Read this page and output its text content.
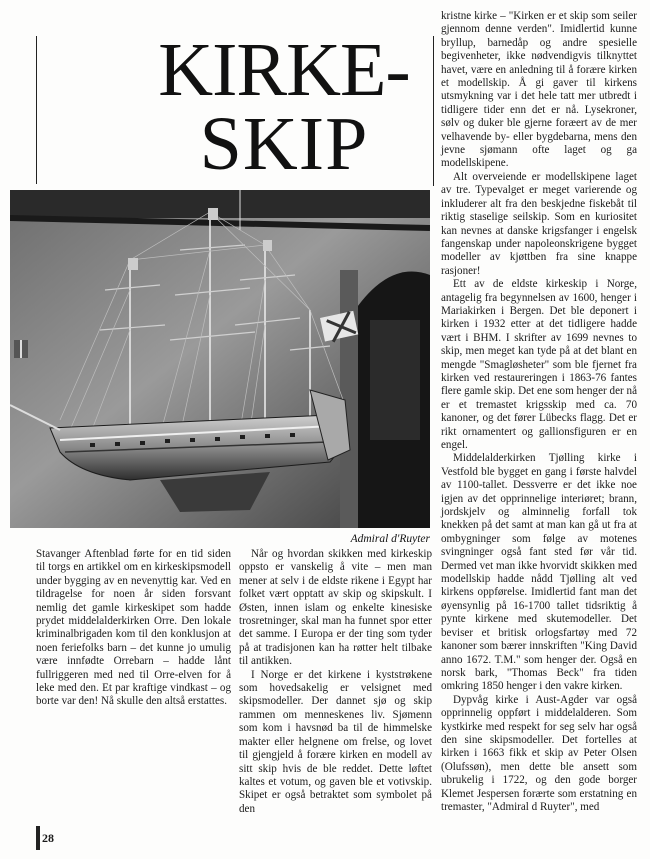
KIRKE-
SKIP
Admiral d'Ruyter

kristne kirke – "Kirken er et skip som seiler gjennom denne verden". Imidlertid kunne bryllup, barnedåp og andre spesielle begivenheter, ikke nødvendigvis tilknyttet havet, være en anledning til å forære kirken et modellskip. Å gi gaver til kirkens utsmykning var i det hele tatt mer utbredt i tidligere tider enn det er nå. Lysekroner, sølv og duker ble gjerne foræert av de mer velhavende by- eller bygdebarna, mens den jevne sjømann ofte laget og ga modellskipene.

Alt overveiende er modellskipene laget av tre. Typevalget er meget varierende og inkluderer alt fra den beskjedne fiskebåt til riktig staselige seilskip. Som en kuriositet kan nevnes at danske krigsfanger i engelsk fangenskap under napoleonskrigene bygget modeller av kjøttben fra sine knappe rasjoner!

Ett av de eldste kirkeskip i Norge, antagelig fra begynnelsen av 1600, henger i Mariakirken i Bergen. Det ble deponert i kirken i 1932 etter at det tidligere hadde vært i BHM. I skrifter av 1699 nevnes to skip, men meget kan tyde på at det blant en mengde "Smagløsheter" som ble fjernet fra kirken ved restaureringen i 1863-76 fantes flere gamle skip. Det ene som henger der nå er et tremastet krigsskip med ca. 70 kanoner, og det fører Lübecks flagg. Det er rikt ornamentert og gallionsfiguren er en engel.

Middelalderkirken Tjølling kirke i Vestfold ble bygget en gang i første halvdel av 1100-tallet. Dessverre er det ikke noe igjen av det opprinnelige interiøret; brann, jordskjelv og alminnelig forfall tok knekken på det samt at man kan gå ut fra at ombygninger som følge av motenes svingninger også fant sted før vår tid. Dermed vet man ikke hvorvidt skikken med modellskip hadde nådd Tjølling alt ved kirkens oppførelse. Imidlertid fant man det øyensynlig på 16-1700 tallet tidsriktig å pynte kirkene med skutemodeller. Det beviser et britisk orlogsfartøy med 72 kanoner som bærer innskriften "King David anno 1672. T.M." som henger der. Også en norsk bark, "Thomas Beck" fra tiden omkring 1850 henger i den vakre kirken.

Dypvåg kirke i Aust-Agder var også opprinnelig oppført i middelalderen. Som kystkirke med respekt for seg selv har også den sine skipsmodeller. Det fortelles at kirken i 1663 fikk et skip av Peter Olsen (Olufssøn), men dette ble ansett som ubrukelig i 1722, og den gode borger Klemet Jespersen forærte som erstatning en tremaster, "Admiral d Ruyter", med

Stavanger Aftenblad førte for en tid siden til torgs en artikkel om en kirkeskipsmodell under bygging av en nevenyttig kar. Ved en tildragelse for noen år siden forsvant nemlig det gamle kirkeskipet som hadde prydet middelalderkirken Orre. Den lokale kriminalbrigaden kom til den konklusjon at noen feriefolks barn – det kunne jo umulig være innfødte Orrebarn – hadde lånt fullriggeren med ned til Orre-elven for å leke med den. Et par kraftige vindkast – og borte var den! Nå skulle den altså erstattes.

Når og hvordan skikken med kirkeskip oppsto er vanskelig å vite – men man mener at selv i de eldste rikene i Egypt har folket vært opptatt av skip og skipskult. I Østen, innen islam og enkelte kinesiske trosretninger, skal man ha funnet spor etter det samme. I Europa er der ting som tyder på at tradisjonen kan ha røtter helt tilbake til antikken.

I Norge er det kirkene i kyststrøkene som hovedsakelig er velsignet med skipsmodeller. Der dannet sjø og skip rammen om menneskenes liv. Sjømenn som kom i havsnød ba til de himmelske makter eller helgnene om frelse, og lovet til gjengjeld å forære kirken en modell av sitt skip hvis de ble reddet. Dette løftet kaltes et votum, og gaven ble et votivskip. Skipet er også betraktet som symbolet på den

28
